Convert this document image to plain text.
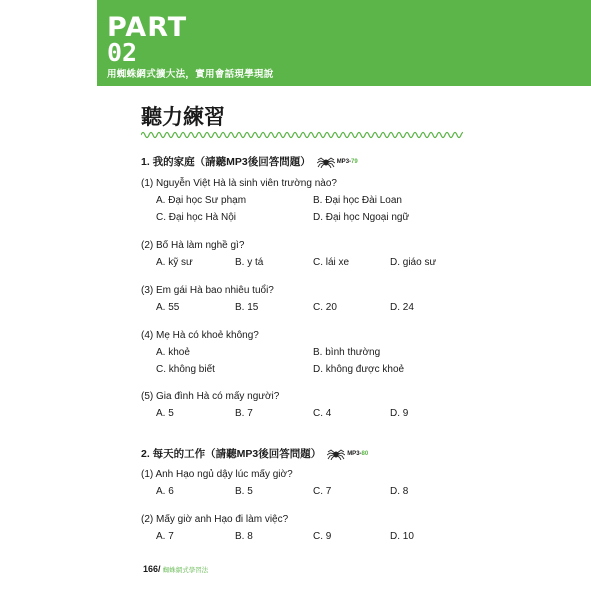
PART
02
用蜘蛛網式擴大法，實用會話現學現說
聽力練習
1. 我的家庭（請聽MP3後回答問題）	MP3-79
(1) Nguyễn Việt Hà là sinh viên trường nào?
A. Đại học Sư phạm	B. Đại học Đài Loan
C. Đại học Hà Nội	D. Đại học Ngoại ngữ
(2) Bố Hà làm nghề gì?
A. kỹ sư	B. y tá	C. lái xe	D. giáo sư
(3) Em gái Hà bao nhiêu tuổi?
A. 55	B. 15	C. 20	D. 24
(4) Mẹ Hà có khoẻ không?
A. khoẻ	B. bình thường
C. không biết	D. không được khoẻ
(5) Gia đình Hà có mấy người?
A. 5	B. 7	C. 4	D. 9
2. 每天的工作（請聽MP3後回答問題）	MP3-80
(1) Anh Hạo ngủ dậy lúc mấy giờ?
A. 6	B. 5	C. 7	D. 8
(2) Mấy giờ anh Hạo đi làm việc?
A. 7	B. 8	C. 9	D. 10
166/ 蜘蛛網式學習法
